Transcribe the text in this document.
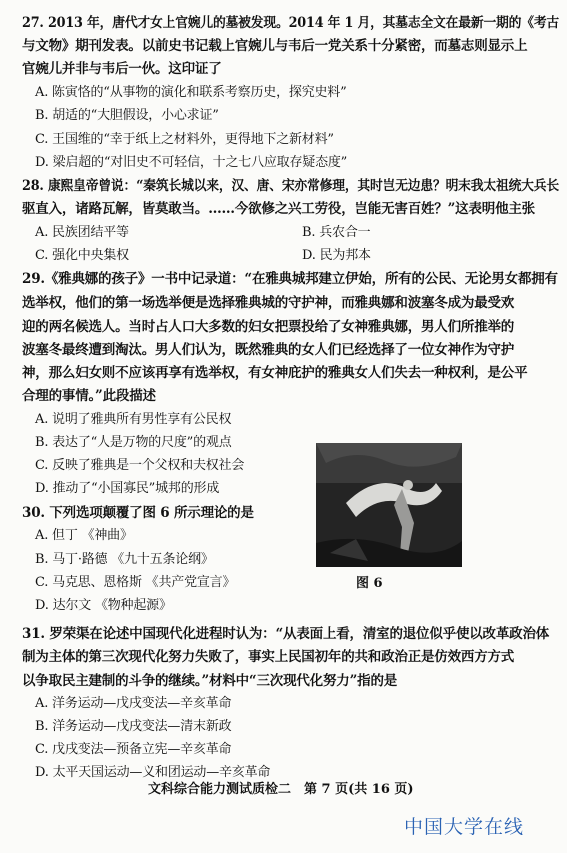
27. 2013 年，唐代才女上官婉儿的墓被发现。2014 年 1 月，其墓志全文在最新一期的《考古
与文物》期刊发表。以前史书记载上官婉儿与韦后一党关系十分紧密，而墓志则显示上
官婉儿并非与韦后一伙。这印证了
A. 陈寅恪的“从事物的演化和联系考察历史，探究史料”
B. 胡适的“大胆假设，小心求证”
C. 王国维的“幸于纸上之材料外，更得地下之新材料”
D. 梁启超的“对旧史不可轻信，十之七八应取存疑态度”
28. 康熙皇帝曾说：“秦筑长城以来，汉、唐、宋亦常修理，其时岂无边患？明末我太祖统大兵长
驱直入，诸路瓦解，皆莫敢当。……今欲修之兴工劳役，岂能无害百姓？”这表明他主张
A. 民族团结平等	B. 兵农合一
C. 强化中央集权	D. 民为邦本
29.《雅典娜的孩子》一书中记录道：“在雅典城邦建立伊始，所有的公民、无论男女都拥有
选举权，他们的第一场选举便是选择雅典城的守护神，而雅典娜和波塞冬成为最受欢
迎的两名候选人。当时占人口大多数的妇女把票投给了女神雅典娜，男人们所推举的
波塞冬最终遭到淘汰。男人们认为，既然雅典的女人们已经选择了一位女神作为守护
神，那么妇女则不应该再享有选举权，有女神庇护的雅典女人们失去一种权利，是公平
合理的事情。”此段描述
A. 说明了雅典所有男性享有公民权
B. 表达了“人是万物的尺度”的观点
C. 反映了雅典是一个父权和夫权社会
D. 推动了“小国寡民”城邦的形成
30. 下列选项颠覆了图 6 所示理论的是
A. 但丁 《神曲》
B. 马丁·路德 《九十五条论纲》
C. 马克思、恩格斯 《共产党宣言》
D. 达尔文 《物种起源》
图 6
31. 罗荣渠在论述中国现代化进程时认为：“从表面上看，清室的退位似乎使以改革政治体
制为主体的第三次现代化努力失败了，事实上民国初年的共和政治正是仿效西方方式
以争取民主建制的斗争的继续。”材料中“三次现代化努力”指的是
A. 洋务运动—戊戌变法—辛亥革命
B. 洋务运动—戊戌变法—清末新政
C. 戊戌变法—预备立宪—辛亥革命
D. 太平天国运动—义和团运动—辛亥革命
文科综合能力测试质检二　第 7 页(共 16 页)
中国大学在线
